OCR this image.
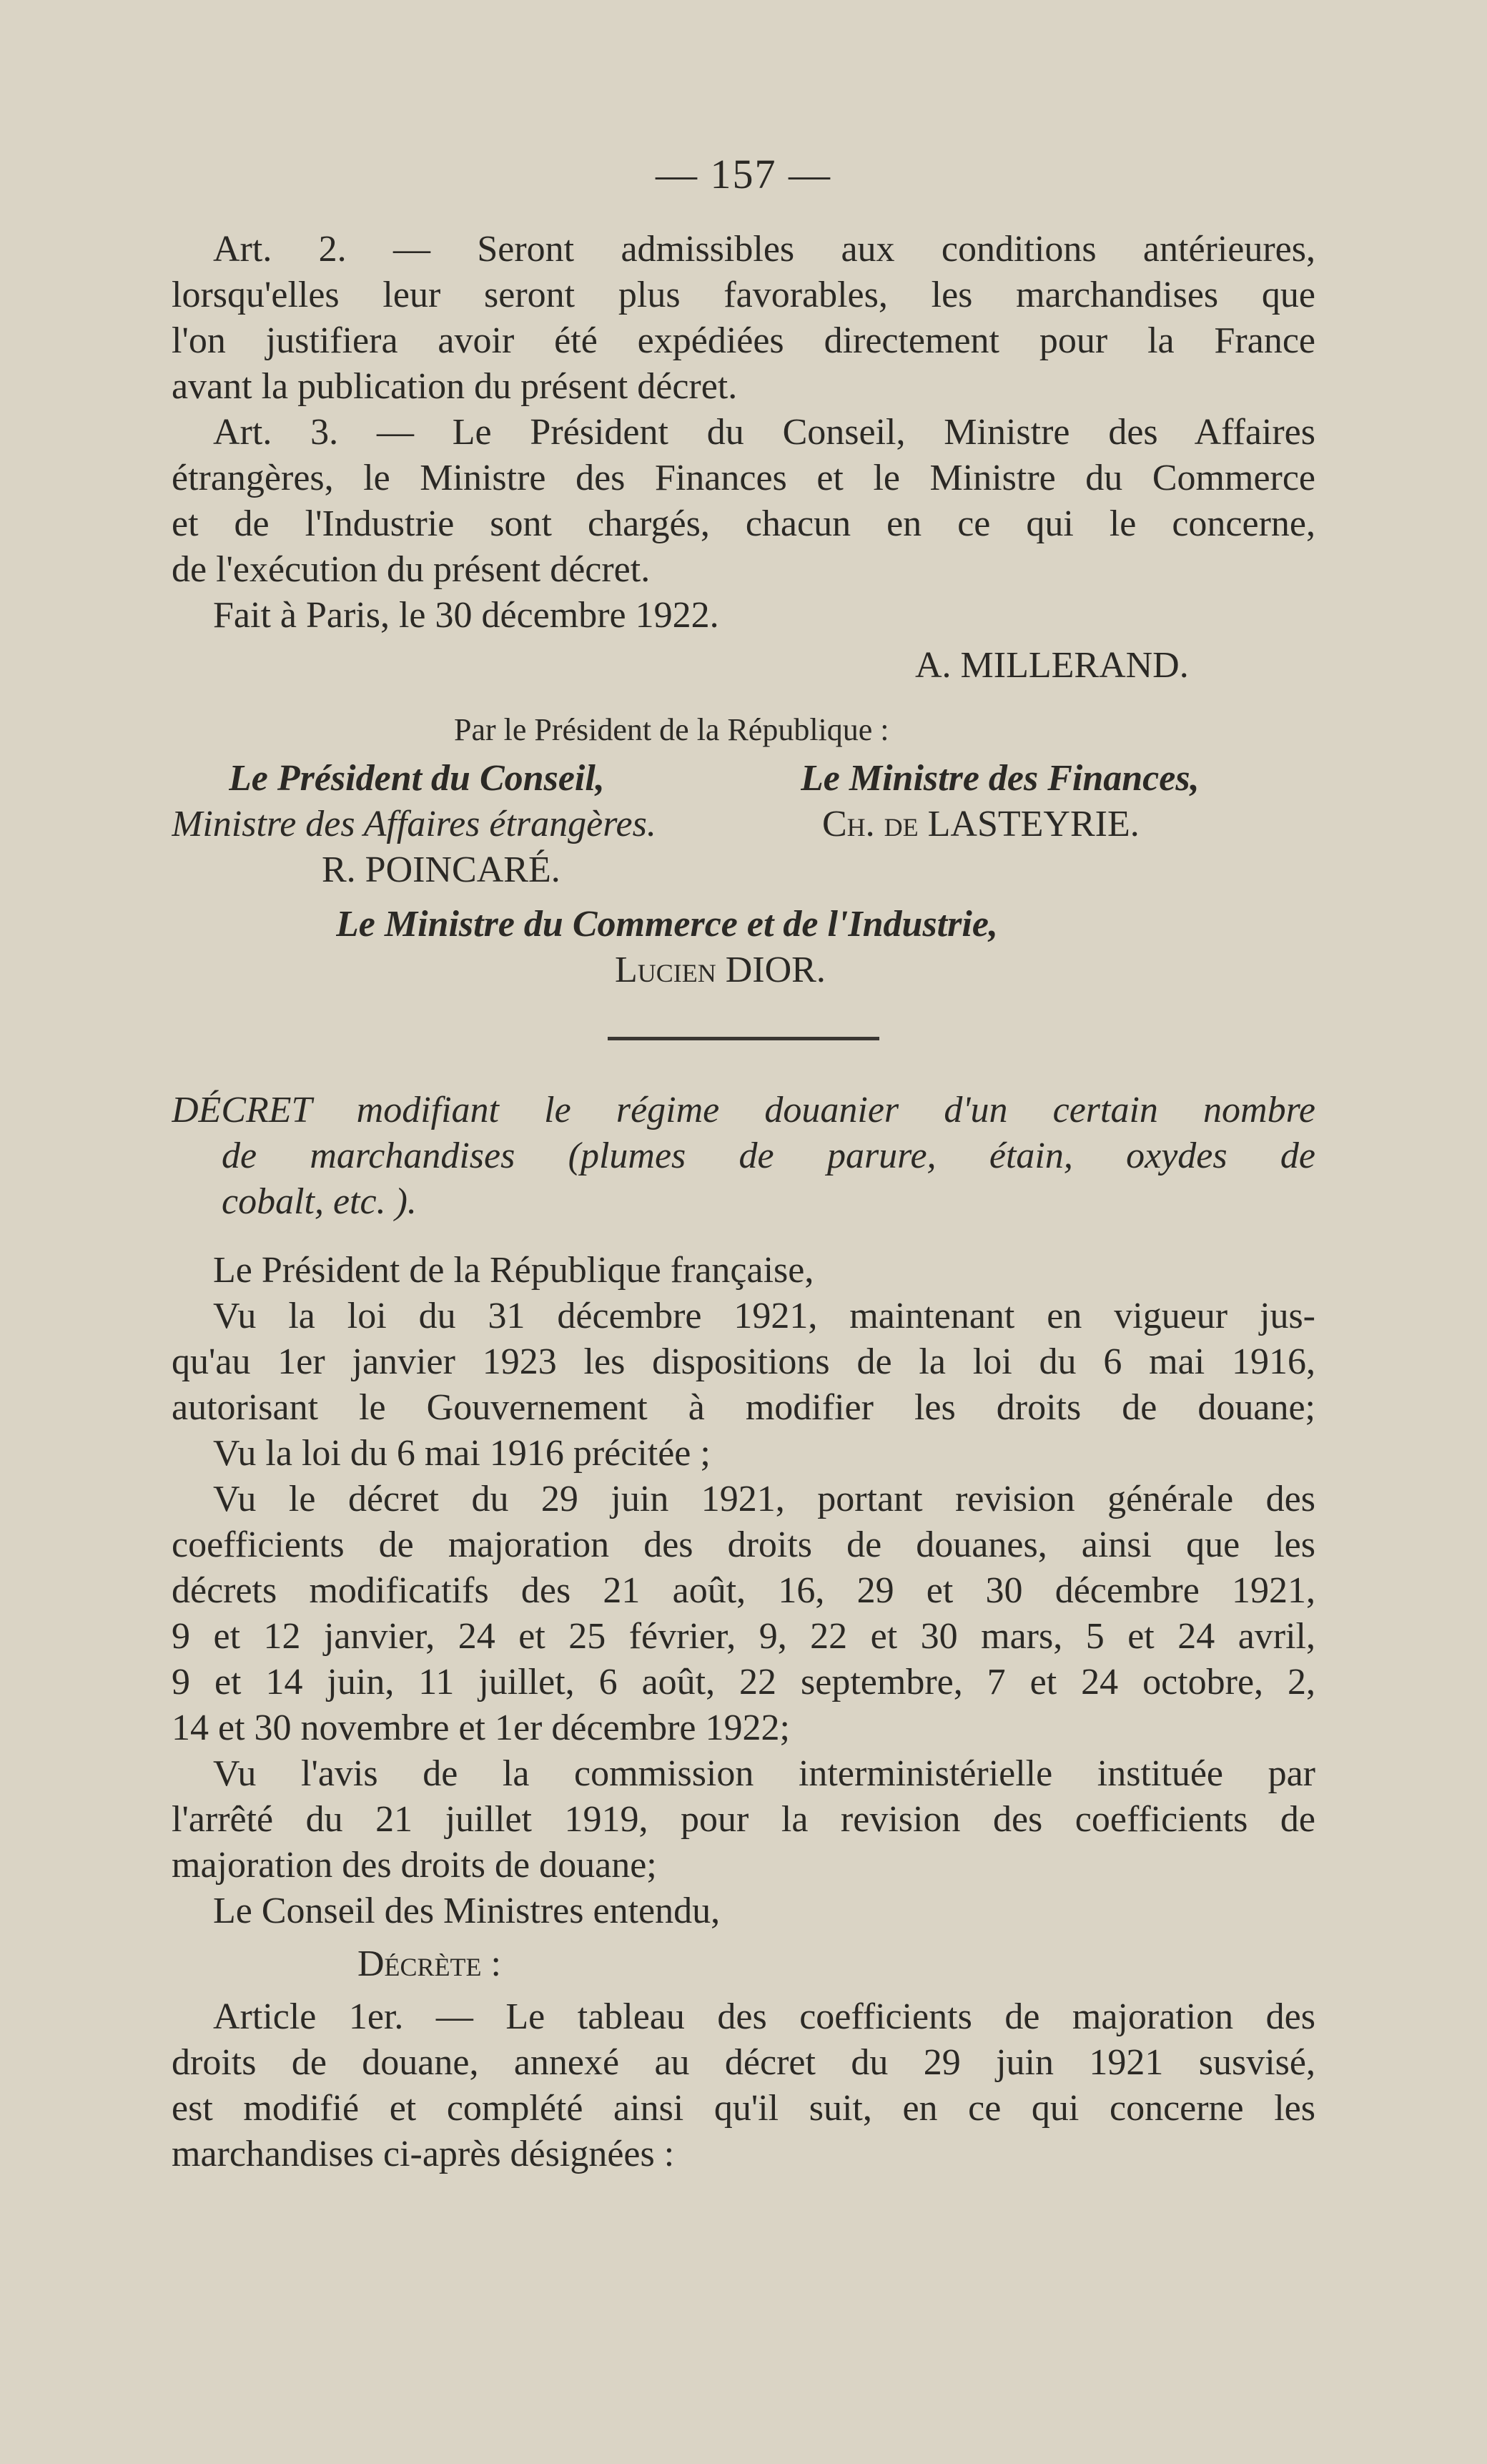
— 157 —
Art. 2. — Seront admissibles aux conditions antérieures,
lorsqu'elles leur seront plus favorables, les marchandises que
l'on justifiera avoir été expédiées directement pour la France
avant la publication du présent décret.
Art. 3. — Le Président du Conseil, Ministre des Affaires
étrangères, le Ministre des Finances et le Ministre du Commerce
et de l'Industrie sont chargés, chacun en ce qui le concerne,
de l'exécution du présent décret.
Fait à Paris, le 30 décembre 1922.
A. MILLERAND.
Par le Président de la République :
Le Président du Conseil,	Le Ministre des Finances,
Ministre des Affaires étrangères.	Ch. de LASTEYRIE.
R. POINCARÉ.
Le Ministre du Commerce et de l'Industrie,
Lucien DIOR.
DÉCRET modifiant le régime douanier d'un certain nombre
de marchandises (plumes de parure, étain, oxydes de
cobalt, etc. ).
Le Président de la République française,
Vu la loi du 31 décembre 1921, maintenant en vigueur jus-
qu'au 1er janvier 1923 les dispositions de la loi du 6 mai 1916,
autorisant le Gouvernement à modifier les droits de douane;
Vu la loi du 6 mai 1916 précitée ;
Vu le décret du 29 juin 1921, portant revision générale des
coefficients de majoration des droits de douanes, ainsi que les
décrets modificatifs des 21 août, 16, 29 et 30 décembre 1921,
9 et 12 janvier, 24 et 25 février, 9, 22 et 30 mars, 5 et 24 avril,
9 et 14 juin, 11 juillet, 6 août, 22 septembre, 7 et 24 octobre, 2,
14 et 30 novembre et 1er décembre 1922;
Vu l'avis de la commission interministérielle instituée par
l'arrêté du 21 juillet 1919, pour la revision des coefficients de
majoration des droits de douane;
Le Conseil des Ministres entendu,
Décrète :
Article 1er. — Le tableau des coefficients de majoration des
droits de douane, annexé au décret du 29 juin 1921 susvisé,
est modifié et complété ainsi qu'il suit, en ce qui concerne les
marchandises ci-après désignées :
